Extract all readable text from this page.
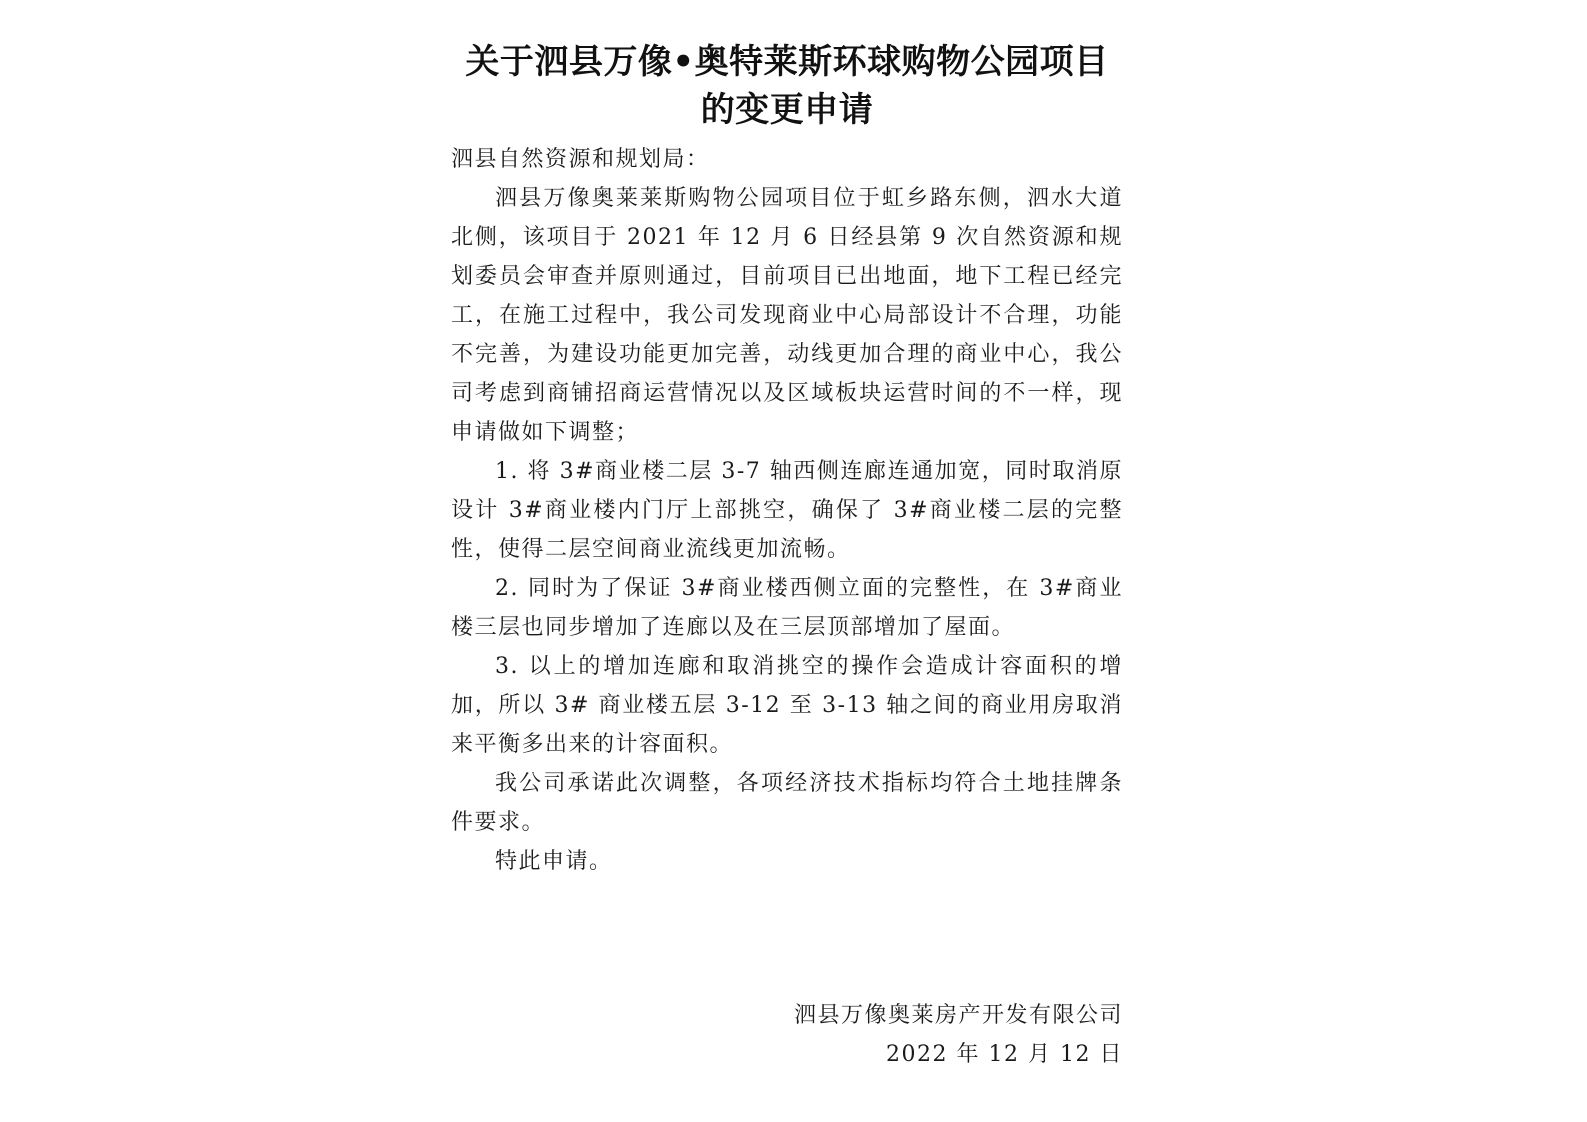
关于泗县万像•奥特莱斯环球购物公园项目
的变更申请

泗县自然资源和规划局：

泗县万像奥莱莱斯购物公园项目位于虹乡路东侧，泗水大道北侧，该项目于 2021 年 12 月 6 日经县第 9 次自然资源和规划委员会审查并原则通过，目前项目已出地面，地下工程已经完工，在施工过程中，我公司发现商业中心局部设计不合理，功能不完善，为建设功能更加完善，动线更加合理的商业中心，我公司考虑到商铺招商运营情况以及区域板块运营时间的不一样，现申请做如下调整；

1. 将 3#商业楼二层 3-7 轴西侧连廊连通加宽，同时取消原设计 3#商业楼内门厅上部挑空，确保了 3#商业楼二层的完整性，使得二层空间商业流线更加流畅。

2. 同时为了保证 3#商业楼西侧立面的完整性，在 3#商业楼三层也同步增加了连廊以及在三层顶部增加了屋面。

3. 以上的增加连廊和取消挑空的操作会造成计容面积的增加，所以 3# 商业楼五层 3-12 至 3-13 轴之间的商业用房取消来平衡多出来的计容面积。

我公司承诺此次调整，各项经济技术指标均符合土地挂牌条件要求。

特此申请。

泗县万像奥莱房产开发有限公司
2022 年 12 月 12 日
